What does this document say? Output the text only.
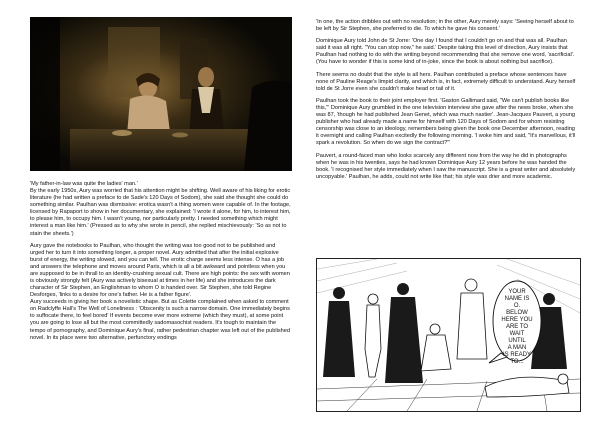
'My father-in-law was quite the ladies' man.'

By the early 1950s, Aury was worried that his attention might be shifting. Well aware of his liking for erotic literature (he had written a preface to de Sade's 120 Days of Sodom), she said she thought she could do something similar. Paulhan was dismissive: erotica wasn't a thing women were capable of. In the footage, licensed by Rapaport to show in her documentary, she explained: 'I wrote it alone, for him, to interest him, to please him, to occupy him. I wasn't young, nor particularly pretty. I needed something which might interest a man like him.' (Pressed as to why she wrote in pencil, she replied mischievously: 'So as not to stain the sheets.')

Aury gave the notebooks to Paulhan, who thought the writing was too good not to be published and urged her to turn it into something longer, a proper novel. Aury admitted that after the initial explosive burst of energy, the writing slowed, and you can tell. The erotic charge seems less intense. O has a job and answers the telephone and moves around Paris, which is all a bit awkward and pointless when you are supposed to be in thrall to an identity-crushing sexual cult. There are high points: the sex with women is obviously strongly felt (Aury was actively bisexual at times in her life) and she introduces the dark character of Sir Stephen, an Englishman to whom O is handed over. Sir Stephen, she told Regine Desforges, 'links to a desire for one's father. He is a father figure'.

Aury succeeds in giving her book a novelistic shape. But as Colette complained when asked to comment on Radclyffe Hall's The Well of Loneliness : 'Obscenity is such a narrow domain. One immediately begins to suffocate there, to feel bored' If events become ever more extreme (which they must), at some point you are going to lose all but the most committedly sadomasochist readers. It's tough to maintain the tempo of pornography, and Dominique Aury's final, rather pedestrian chapter was left out of the published novel. In its place were two alternative, perfunctory endings

'In one, the action dribbles out with no resolution; in the other, Aury merely says: 'Seeing herself about to be left by Sir Stephen, she preferred to die. To which he gave his consent.'

Dominique Aury told John de St Jorre: 'One day I found that I couldn't go on and that was all. Paulhan said it was all right. "You can stop now," he said.' Despite taking this level of direction, Aury insists that Paulhan had nothing to do with the writing beyond recommending that she remove one word, 'sacrificial'. (You have to wonder if this is some kind of in-joke, since the book is about nothing but sacrifice).

There seems no doubt that the style is all hers. Paulhan contributed a preface whose sentences have none of Pauline Reage's limpid clarity, and which is, in fact, extremely difficult to understand. Aury herself told de St Jorre even she couldn't make head or tail of it.

Paulhan took the book to their joint employer first. 'Gaston Gallimard said, "We can't publish books like this,"' Dominique Aury grumbled in the one television interview she gave after the news broke, when she was 87, 'though he had published Jean Genet, which was much nastier'. Jean-Jacques Pauvert, a young publisher who had already made a name for himself with 120 Days of Sodom and for whom resisting censorship was close to an ideology, remembers being given the book one December afternoon, reading it overnight and calling Paulhan excitedly the following morning. 'I woke him and said, "It's marvellous, it'll spark a revolution. So when do we sign the contract?"'

Pauvert, a round-faced man who looks scarcely any different now from the way he did in photographs when he was in his twenties, says he had known Dominique Aury 12 years before he was handed the book. 'I recognised her style immediately when I saw the manuscript. She is a great writer and absolutely uncopyable.' Paulhan, he adds, could not write like that; his style was drier and more academic.

YOUR
NAME IS
O.
BELOW
HERE YOU
ARE TO
WAIT
UNTIL
A MAN
IS READY
TO...
